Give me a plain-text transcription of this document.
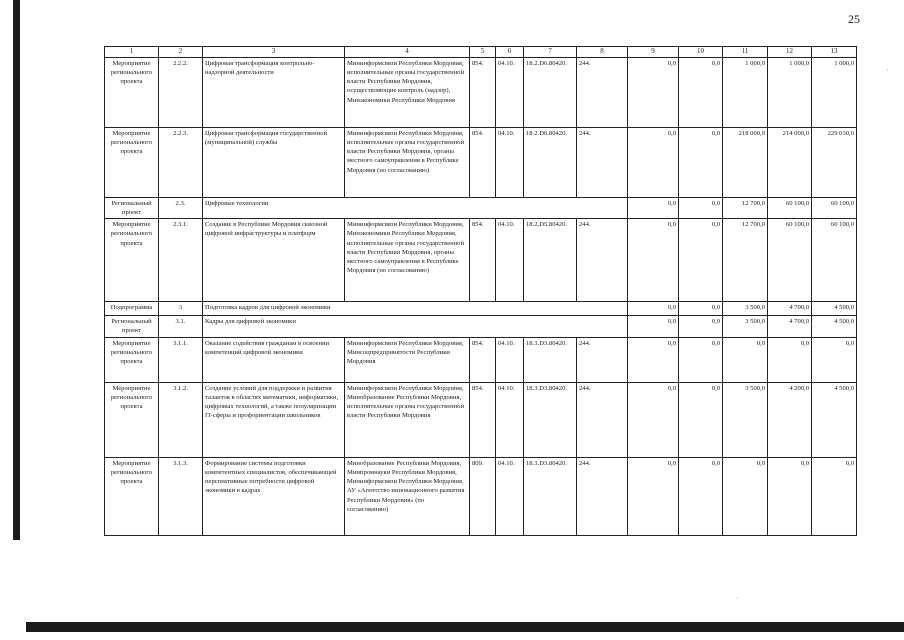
25
·
·
1	2	3	4	5	6	7	8	9	10	11	12	13
Мероприятие регионального проекта	2.2.2.	Цифровая трансформация контрольно-надзорной деятельности	Мининформсвязи Республики Мордовия, исполнительные органы государственной власти Республики Мордовия, осуществляющие контроль (надзор), Минэкономики Республики Мордовия	854.	04.10.	18.2.D6.80420.	244.	0,0	0,0	1 000,0	1 000,0	1 000,0
Мероприятие регионального проекта	2.2.3.	Цифровая трансформация государственной (муниципальной) службы	Мининформсвязи Республики Мордовия, исполнительные органы государственной власти Республики Мордовия, органы местного самоуправления в Республике Мордовия (по согласованию)	854.	04.10.	18.2.D6.80420.	244.	0,0	0,0	218 000,0	214 000,0	229 030,0
Региональный проект	2.3.	Цифровые технологии						0,0	0,0	12 700,0	60 100,0	60 100,0
Мероприятие регионального проекта	2.3.1.	Создание в Республике Мордовия сквозной цифровой инфраструктуры и платформ	Мининформсвязи Республики Мордовия, Минэкономики Республики Мордовия, исполнительные органы государственной власти Республики Мордовия, органы местного самоуправления в Республике Мордовия (по согласованию)	854.	04.10.	18.2.D5.80420.	244.	0,0	0,0	12 700,0	60 100,0	60 100,0
Подпрограмма	3	Подготовка кадров для цифровой экономики						0,0	0,0	3 500,0	4 700,0	4 500,0
Региональный проект	3.1.	Кадры для цифровой экономики						0,0	0,0	3 500,0	4 700,0	4 500,0
Мероприятие регионального проекта	3.1.1.	Оказание содействия гражданам в освоении компетенций цифровой экономики	Мининформсвязи Республики Мордовия, Минсоцпредпринятости Республики Мордовия	854.	04.10.	18.3.D3.80420.	244.	0,0	0,0	0,0	0,0	0,0
Мероприятие регионального проекта	3.1.2.	Создание условий для поддержки и развития талантов в областях математики, информатики, цифровых технологий, а также популяризации IT-сферы и профориентации школьников	Мининформсвязи Республики Мордовия, Минобразование Республики Мордовия, исполнительные органы государственной власти Республики Мордовия	854.	04.10.	18.3.D3.80420.	244.	0,0	0,0	3 500,0	4 200,0	4 500,0
Мероприятие регионального проекта	3.1.3.	Формирование системы подготовки компетентных специалистов, обеспечивающей перспективные потребности цифровой экономики в кадрах	Минобразование Республики Мордовия, Минпромнауки Республики Мордовия, Мининформсвязи Республики Мордовия, АУ «Агентство инновационного развития Республики Мордовия» (по согласованию)	809.	04.10.	18.3.D3.80420.	244.	0,0	0,0	0,0	0,0	0,0
